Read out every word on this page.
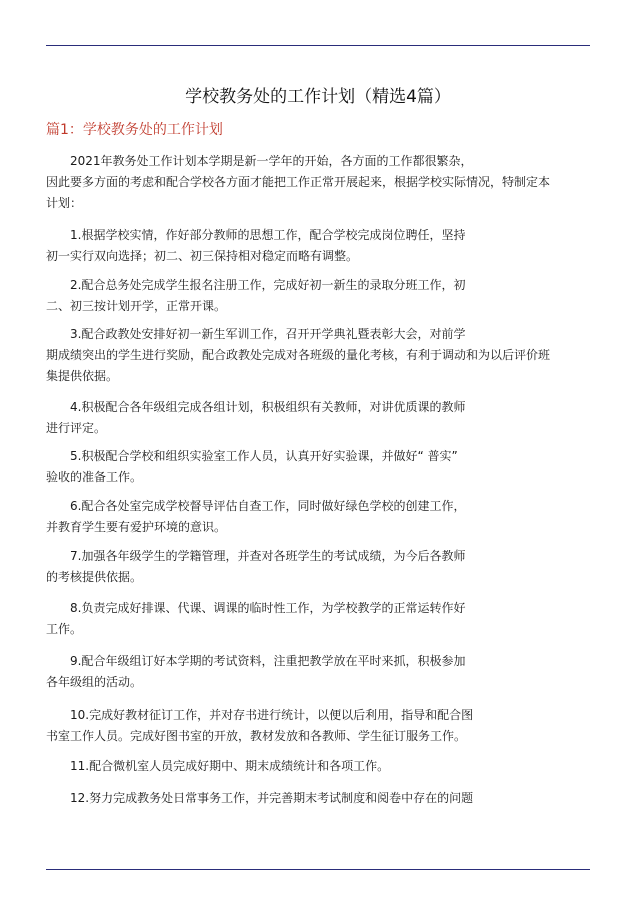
学校教务处的工作计划（精选4篇）
篇1：学校教务处的工作计划

2021年教务处工作计划本学期是新一学年的开始，各方面的工作都很繁杂，
因此要多方面的考虑和配合学校各方面才能把工作正常开展起来，根据学校实际情况，特制定本
计划：

1.根据学校实情，作好部分教师的思想工作，配合学校完成岗位聘任，坚持
初一实行双向选择；初二、初三保持相对稳定而略有调整。

2.配合总务处完成学生报名注册工作，完成好初一新生的录取分班工作，初
二、初三按计划开学，正常开课。

3.配合政教处安排好初一新生军训工作，召开开学典礼暨表彰大会，对前学
期成绩突出的学生进行奖励，配合政教处完成对各班级的量化考核，有利于调动和为以后评价班
集提供依据。

4.积极配合各年级组完成各组计划，积极组织有关教师，对讲优质课的教师
进行评定。

5.积极配合学校和组织实验室工作人员，认真开好实验课，并做好“ 普实”
验收的准备工作。

6.配合各处室完成学校督导评估自查工作，同时做好绿色学校的创建工作，
并教育学生要有爱护环境的意识。

7.加强各年级学生的学籍管理，并查对各班学生的考试成绩，为今后各教师
的考核提供依据。

8.负责完成好排课、代课、调课的临时性工作，为学校教学的正常运转作好
工作。

9.配合年级组订好本学期的考试资料，注重把教学放在平时来抓，积极参加
各年级组的活动。

10.完成好教材征订工作，并对存书进行统计，以便以后利用，指导和配合图
书室工作人员。完成好图书室的开放，教材发放和各教师、学生征订服务工作。

11.配合微机室人员完成好期中、期末成绩统计和各项工作。

12.努力完成教务处日常事务工作，并完善期末考试制度和阅卷中存在的问题
